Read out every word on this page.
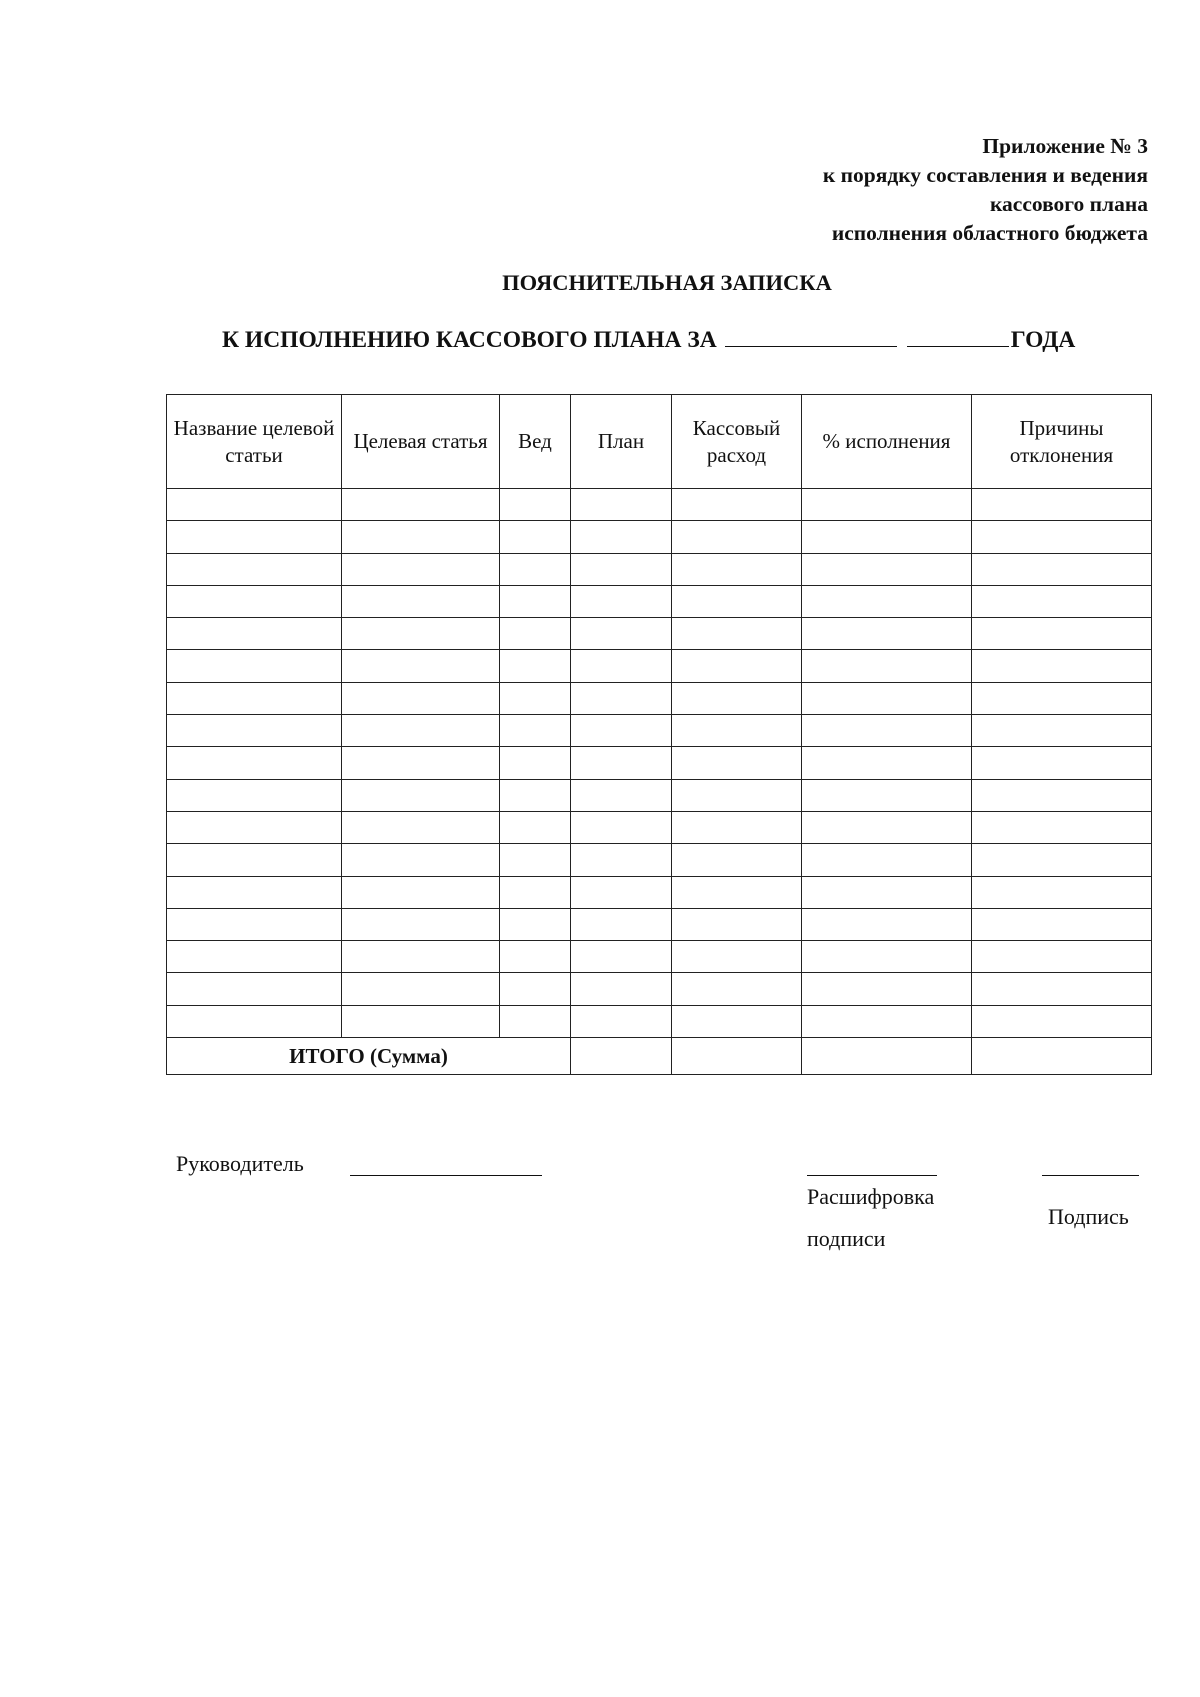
Приложение № 3
к порядку составления и ведения
кассового плана
исполнения областного бюджета
ПОЯСНИТЕЛЬНАЯ ЗАПИСКА
К ИСПОЛНЕНИЮ КАССОВОГО ПЛАНА ЗА	ГОДА
Название целевой статьи	Целевая статья	Вед	План	Кассовый расход	% исполнения	Причины отклонения

ИТОГО (Сумма)						
Руководитель
Расшифровка
подписи
Подпись
